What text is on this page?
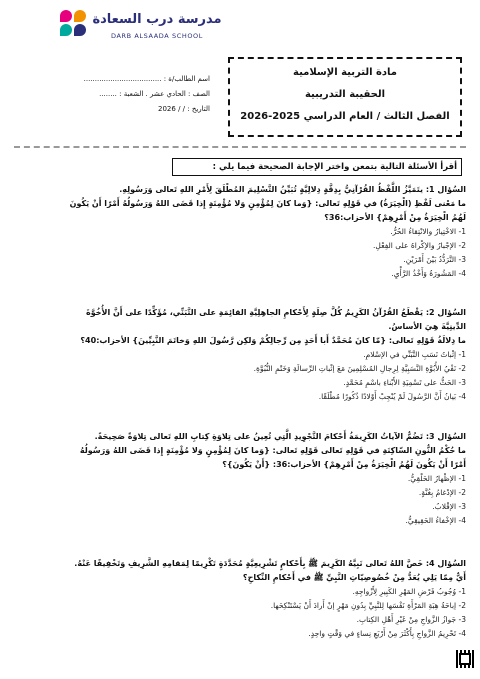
مدرسة درب السعادة
DARB ALSAADA SCHOOL
اسم الطالب/ة : ...................................
الصف : الحادي عشر . الشعبة : ........
التاريخ : / / 2026
مادة التربية الإسلامية
الحقيبة التدريبية
الفصل الثالث / العام الدراسي 2025-2026
أقرأ الأسئلة التالية بتمعن واختر الإجابة الصحيحة فيما يلي :
السُؤال 1: يتَمَيَّزُ اللَّفْظُ القُرْآنِيُّ بِدِقَّةٍ دِلالِيَّةٍ تُبَيِّنُ التَّسْلِيمَ المُطْلَقَ لِأَمْرِ اللهِ تَعالى وَرَسُولِهِ.
ما مَعْنى لَفْظِ (الْخِيَرَةُ) في قَوْلِهِ تَعالى: {وَما كانَ لِمُؤْمِنٍ وَلا مُؤْمِنَةٍ إِذا قَضَى اللهُ وَرَسُولُهُ أَمْرًا أَنْ يَكُونَ
لَهُمُ الْخِيَرَةُ مِنْ أَمْرِهِمْ} الأحزاب:36؟
1- الاخْتِيارُ والانْتِقاءُ الحُرُّ.
2- الإجْبارُ والإكْراهُ على الفِعْلِ.
3- التَّرَدُّدُ بَيْنَ أَمْرَيْنِ.
4- المَشُورَةُ وَأَخْذُ الرَّأْيِ.
السُؤال 2: يَقْطَعُ القُرْآنُ الكَرِيمُ كُلَّ صِلَةٍ لِأَحْكامِ الجاهِلِيَّةِ القائِمَةِ على التَّبَنِّي، مُؤَكِّدًا على أَنَّ الأُخُوَّةَ
الدِّينِيَّةَ هِيَ الأساسُ.
ما دِلالَةُ قَوْلِهِ تَعالى: {مّا كانَ مُحَمَّدٌ أَبا أَحَدٍ مِن رِّجالِكُمْ وَلكِن رَّسُولَ اللهِ وَخاتَمَ النَّبِيِّينَ} الأحزاب:40؟
1- إثْباتُ نَسَبِ التَّبَنِّي في الإسْلامِ.
2- نَفْيُ الأُبُوَّةِ النَّسَبِيَّةِ لِرِجالِ المُسْلِمِينَ مَعَ إثْباتِ الرِّسالَةِ وَخَتْمِ النُّبُوَّةِ.
3- الحَثُّ على تَسْمِيَةِ الأَبْناءِ باسْمِ مُحَمَّدٍ.
4- بَيانُ أَنَّ الرَّسُولَ لَمْ يُنْجِبْ أَوْلادًا ذُكُورًا مُطْلَقًا.
السُؤال 3: تَضُمُّ الآياتُ الكَرِيمَةُ أَحْكامَ التَّجْوِيدِ الَّتِي تُعِينُ على تِلاوَةِ كِتابِ اللهِ تَعالى تِلاوَةً صَحِيحَةً.
ما حُكْمُ النُّونِ السّاكِنَةِ في قَوْلِهِ تَعالى قَوْلِهِ تَعالى: {وَما كانَ لِمُؤْمِنٍ وَلا مُؤْمِنَةٍ إِذا قَضَى اللهُ وَرَسُولُهُ
أَمْرًا أَنْ يَكُونَ لَهُمُ الْخِيَرَةُ مِنْ أَمْرِهِمْ} الأحزاب:36: {أَنْ يَكُونَ}؟
1- الإظْهارُ الحَلْقِيُّ.
2- الإدْغامُ بِغُنَّةٍ.
3- الإقْلابُ.
4- الإخْفاءُ الحَقِيقِيُّ.
السُؤال 4: خَصَّ اللهُ تَعالى نَبِيَّهُ الكَرِيمَ ﷺ بِأَحْكامٍ تَشْرِيعِيَّةٍ مُحَدَّدَةٍ تَكْرِيمًا لِمَقامِهِ الشَّرِيفِ وَتَخْفِيفًا عَنْهُ.
أَيٌّ مِمّا يَلِي يُعَدُّ مِنْ خُصُوصِيّاتِ النَّبِيِّ ﷺ في أَحْكامِ النِّكاحِ؟
1- وُجُوبُ فَرْضِ المَهْرِ الكَبِيرِ لِأَزْواجِهِ.
2- إباحَةُ هِبَةِ المَرْأَةِ نَفْسَها لِلنَّبِيِّ بِدُونِ مَهْرٍ إنْ أَرادَ أَنْ يَسْتَنْكِحَها.
3- جَوازُ الزَّواجِ مِنْ غَيْرِ أَهْلِ الكِتابِ.
4- تَحْرِيمُ الزَّواجِ بِأَكْثَرَ مِنْ أَرْبَعِ نِساءٍ في وَقْتٍ واحِدٍ.
